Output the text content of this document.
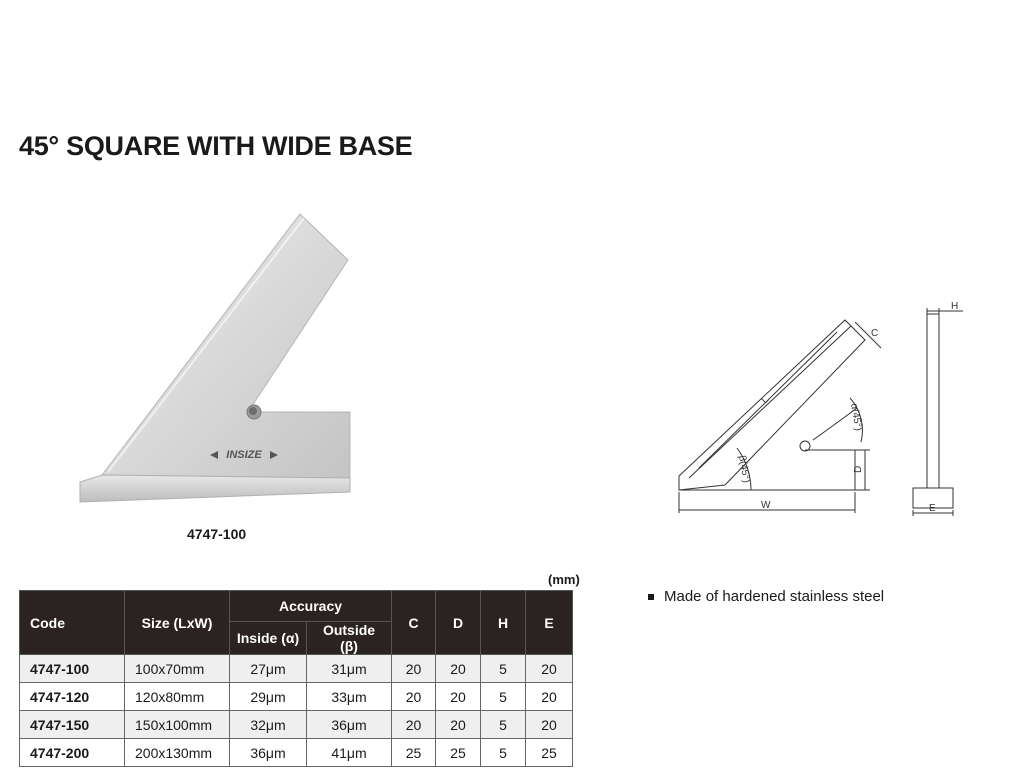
45° SQUARE WITH WIDE BASE
INSIZE
4747-100
H
C
L
α(45°)
β(45°)	D
W	E
(mm)
Code	Size (LxW)	Accuracy		C	D	H	E
		Inside (α)	Outside (β)				
4747-100	100x70mm	27μm	31μm	20	20	5	20
4747-120	120x80mm	29μm	33μm	20	20	5	20
4747-150	150x100mm	32μm	36μm	20	20	5	20
4747-200	200x130mm	36μm	41μm	25	25	5	25
Made of hardened stainless steel
